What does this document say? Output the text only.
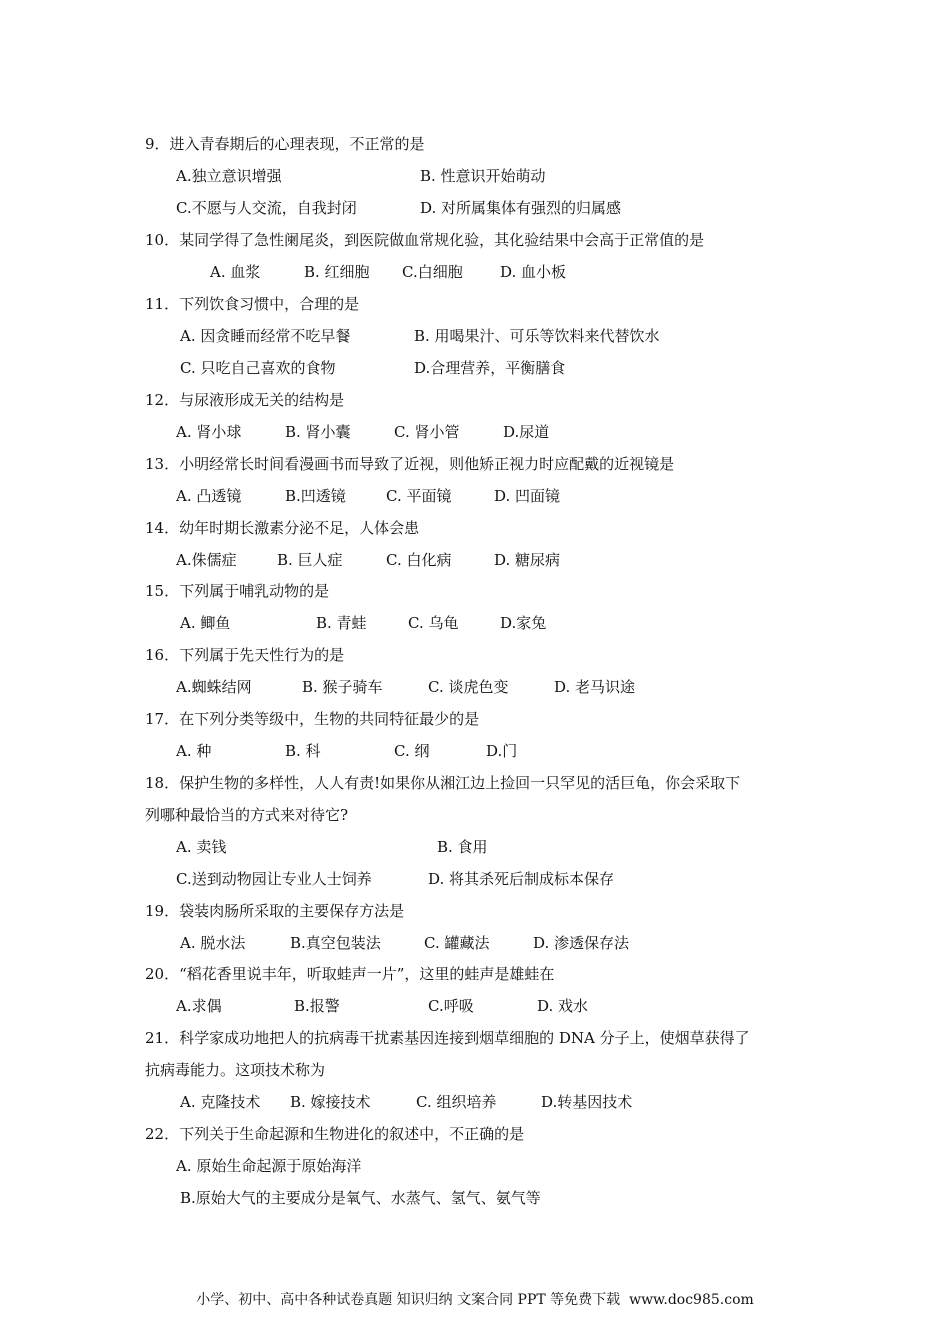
9．进入青春期后的心理表现，不正常的是
A.独立意识增强	B. 性意识开始萌动
C.不愿与人交流，自我封闭	D. 对所属集体有强烈的归属感
10．某同学得了急性阑尾炎，到医院做血常规化验，其化验结果中会高于正常值的是
A. 血浆	B. 红细胞 C.白细胞 D. 血小板
11．下列饮食习惯中，合理的是
A. 因贪睡而经常不吃早餐	B. 用喝果汁、可乐等饮料来代替饮水
C. 只吃自己喜欢的食物	D.合理营养，平衡膳食
12．与尿液形成无关的结构是
A. 肾小球	B. 肾小囊	C. 肾小管	D.尿道
13．小明经常长时间看漫画书而导致了近视，则他矫正视力时应配戴的近视镜是
A. 凸透镜	B.凹透镜	C. 平面镜	D. 凹面镜
14．幼年时期长激素分泌不足，人体会患
A.侏儒症	B. 巨人症	C. 白化病	D. 糖尿病
15．下列属于哺乳动物的是
A. 鲫鱼	B. 青蛙	C. 乌龟	D.家兔
16．下列属于先天性行为的是
A.蜘蛛结网	B. 猴子骑车	C. 谈虎色变	D. 老马识途
17．在下列分类等级中，生物的共同特征最少的是
A. 种	B. 科	C. 纲	D.门
18．保护生物的多样性，人人有责!如果你从湘江边上捡回一只罕见的活巨龟，你会采取下
列哪种最恰当的方式来对待它?
A. 卖钱	B. 食用
C.送到动物园让专业人士饲养	D. 将其杀死后制成标本保存
19．袋装肉肠所采取的主要保存方法是
A. 脱水法	B.真空包装法	C. 罐藏法	D. 渗透保存法
20．“稻花香里说丰年，听取蛙声一片”，这里的蛙声是雄蛙在
A.求偶	B.报警	C.呼吸	D. 戏水
21．科学家成功地把人的抗病毒干扰素基因连接到烟草细胞的 DNA 分子上，使烟草获得了
抗病毒能力。这项技术称为
A. 克隆技术 B. 嫁接技术	C. 组织培养	D.转基因技术
22．下列关于生命起源和生物进化的叙述中，不正确的是
A. 原始生命起源于原始海洋
B.原始大气的主要成分是氧气、水蒸气、氢气、氨气等
小学、初中、高中各种试卷真题 知识归纳 文案合同 PPT 等免费下载  www.doc985.com
